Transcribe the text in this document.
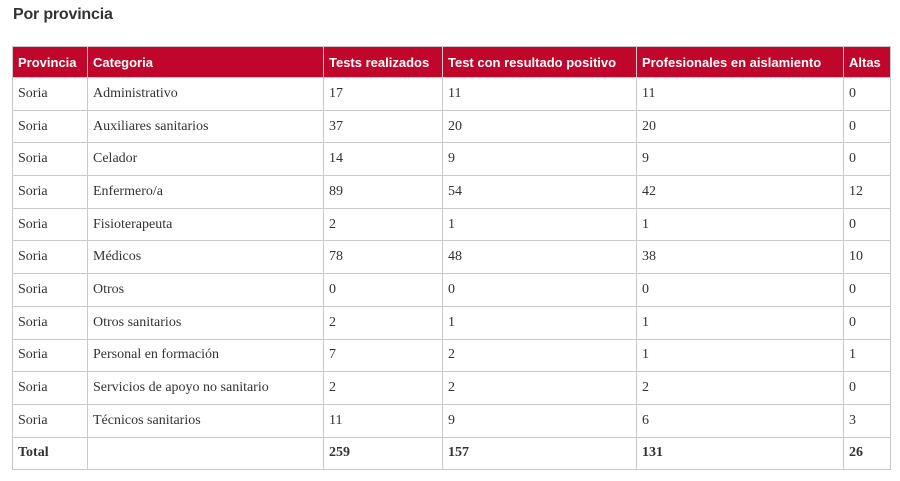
Por provincia
Provincia	Categoria	Tests realizados	Test con resultado positivo	Profesionales en aislamiento	Altas
Soria	Administrativo	17	11	11	0
Soria	Auxiliares sanitarios	37	20	20	0
Soria	Celador	14	9	9	0
Soria	Enfermero/a	89	54	42	12
Soria	Fisioterapeuta	2	1	1	0
Soria	Médicos	78	48	38	10
Soria	Otros	0	0	0	0
Soria	Otros sanitarios	2	1	1	0
Soria	Personal en formación	7	2	1	1
Soria	Servicios de apoyo no sanitario	2	2	2	0
Soria	Técnicos sanitarios	11	9	6	3
Total		259	157	131	26
